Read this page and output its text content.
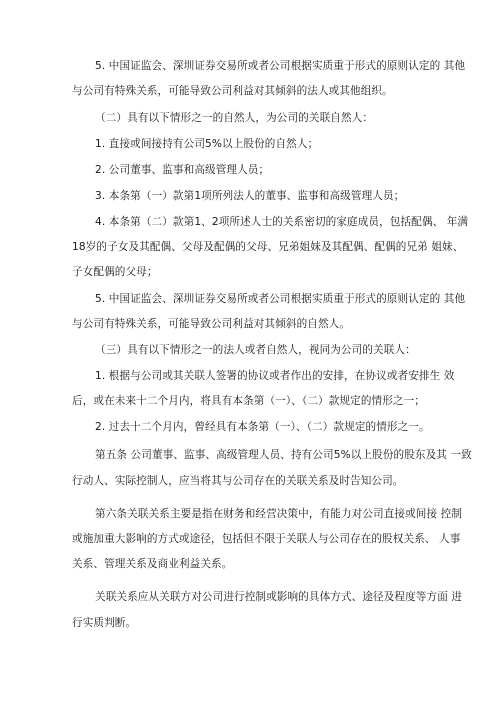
5. 中国证监会、深圳证券交易所或者公司根据实质重于形式的原则认定的 其他
与公司有特殊关系，可能导致公司利益对其倾斜的法人或其他组织。
（二）具有以下情形之一的自然人，为公司的关联自然人：
1. 直接或间接持有公司5%以上股份的自然人；
2. 公司董事、监事和高级管理人员；
3. 本条第（一）款第1项所列法人的董事、监事和高级管理人员；
4. 本条第（二）款第1、2项所述人士的关系密切的家庭成员，包括配偶、 年满
18岁的子女及其配偶、父母及配偶的父母、兄弟姐妹及其配偶、配偶的兄弟 姐妹、
子女配偶的父母；
5. 中国证监会、深圳证券交易所或者公司根据实质重于形式的原则认定的 其他
与公司有特殊关系，可能导致公司利益对其倾斜的自然人。
（三）具有以下情形之一的法人或者自然人，视同为公司的关联人：
1. 根据与公司或其关联人签署的协议或者作出的安排，在协议或者安排生 效
后，或在未来十二个月内，将具有本条第（一）、（二）款规定的情形之一；
2. 过去十二个月内，曾经具有本条第（一）、（二）款规定的情形之一。
第五条 公司董事、监事、高级管理人员、持有公司5%以上股份的股东及其 一致
行动人、实际控制人，应当将其与公司存在的关联关系及时告知公司。
第六条关联关系主要是指在财务和经营决策中，有能力对公司直接或间接 控制
或施加重大影响的方式或途径，包括但不限于关联人与公司存在的股权关系、 人事
关系、管理关系及商业利益关系。
关联关系应从关联方对公司进行控制或影响的具体方式、途径及程度等方面 进
行实质判断。
